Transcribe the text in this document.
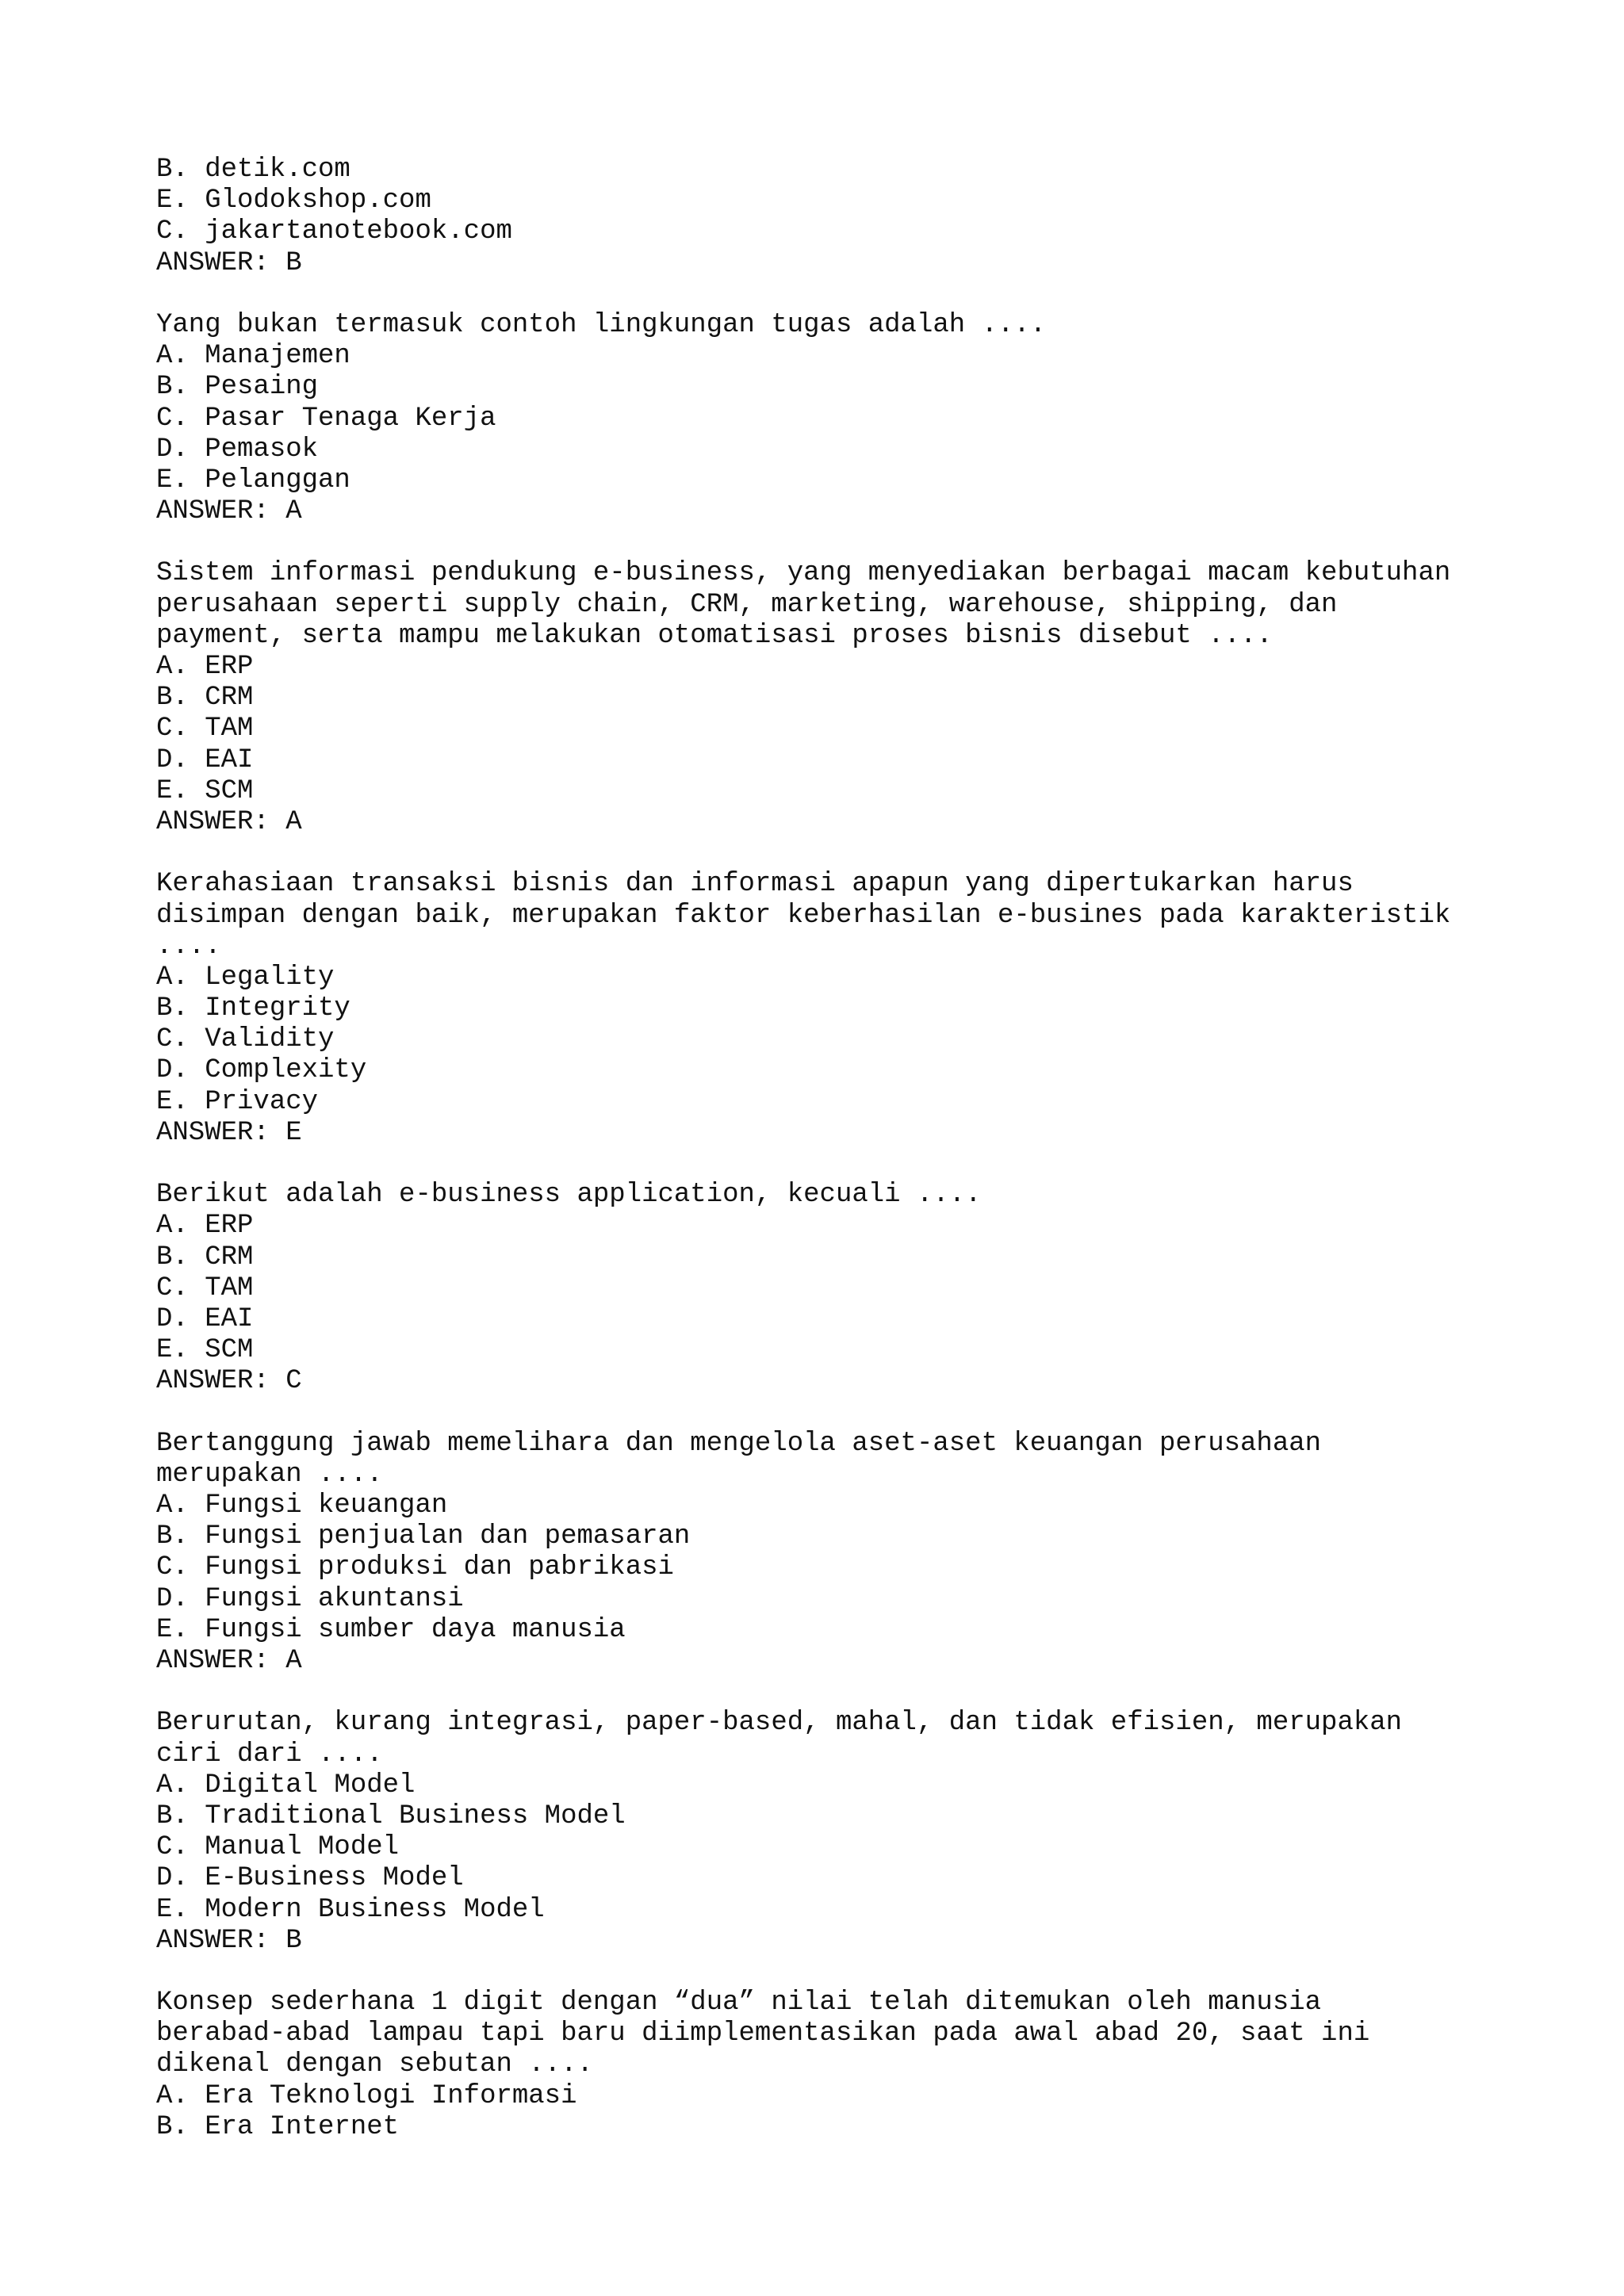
B. detik.com
E. Glodokshop.com
C. jakartanotebook.com
ANSWER: B
Yang bukan termasuk contoh lingkungan tugas adalah ....
A. Manajemen
B. Pesaing
C. Pasar Tenaga Kerja
D. Pemasok
E. Pelanggan
ANSWER: A
Sistem informasi pendukung e-business, yang menyediakan berbagai macam kebutuhan
perusahaan seperti supply chain, CRM, marketing, warehouse, shipping, dan
payment, serta mampu melakukan otomatisasi proses bisnis disebut ....
A. ERP
B. CRM
C. TAM
D. EAI
E. SCM
ANSWER: A
Kerahasiaan transaksi bisnis dan informasi apapun yang dipertukarkan harus
disimpan dengan baik, merupakan faktor keberhasilan e-busines pada karakteristik
....
A. Legality
B. Integrity
C. Validity
D. Complexity
E. Privacy
ANSWER: E
Berikut adalah e-business application, kecuali ....
A. ERP
B. CRM
C. TAM
D. EAI
E. SCM
ANSWER: C
Bertanggung jawab memelihara dan mengelola aset-aset keuangan perusahaan
merupakan ....
A. Fungsi keuangan
B. Fungsi penjualan dan pemasaran
C. Fungsi produksi dan pabrikasi
D. Fungsi akuntansi
E. Fungsi sumber daya manusia
ANSWER: A
Berurutan, kurang integrasi, paper-based, mahal, dan tidak efisien, merupakan
ciri dari ....
A. Digital Model
B. Traditional Business Model
C. Manual Model
D. E-Business Model
E. Modern Business Model
ANSWER: B
Konsep sederhana 1 digit dengan “dua” nilai telah ditemukan oleh manusia
berabad-abad lampau tapi baru diimplementasikan pada awal abad 20, saat ini
dikenal dengan sebutan ....
A. Era Teknologi Informasi
B. Era Internet
